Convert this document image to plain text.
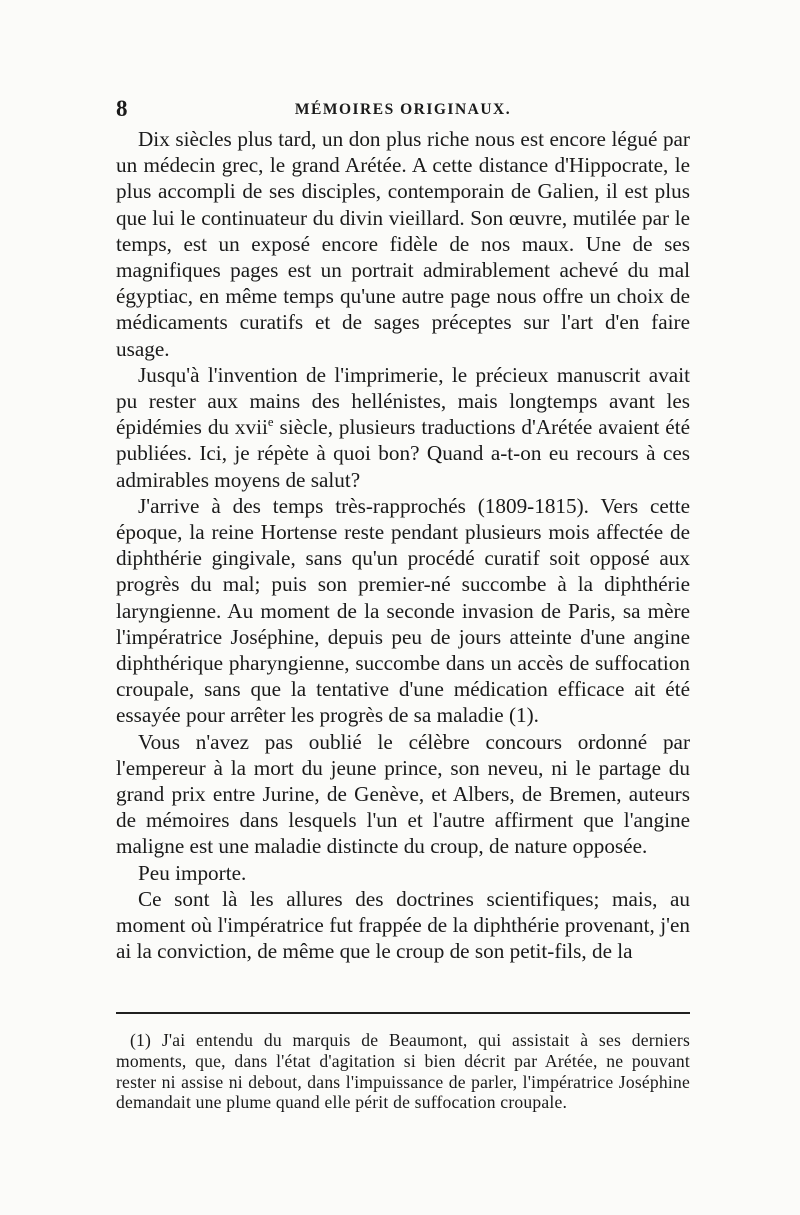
8	MÉMOIRES ORIGINAUX.

Dix siècles plus tard, un don plus riche nous est encore légué par un médecin grec, le grand Arétée. A cette distance d'Hippocrate, le plus accompli de ses disciples, contemporain de Galien, il est plus que lui le continuateur du divin vieillard. Son œuvre, mutilée par le temps, est un exposé encore fidèle de nos maux. Une de ses magnifiques pages est un portrait admirablement achevé du mal égyptiac, en même temps qu'une autre page nous offre un choix de médicaments curatifs et de sages préceptes sur l'art d'en faire usage.

Jusqu'à l'invention de l'imprimerie, le précieux manuscrit avait pu rester aux mains des hellénistes, mais longtemps avant les épidémies du xvii$^e$ siècle, plusieurs traductions d'Arétée avaient été publiées. Ici, je répète à quoi bon? Quand a-t-on eu recours à ces admirables moyens de salut?

J'arrive à des temps très-rapprochés (1809-1815). Vers cette époque, la reine Hortense reste pendant plusieurs mois affectée de diphthérie gingivale, sans qu'un procédé curatif soit opposé aux progrès du mal; puis son premier-né succombe à la diphthérie laryngienne. Au moment de la seconde invasion de Paris, sa mère l'impératrice Joséphine, depuis peu de jours atteinte d'une angine diphthérique pharyngienne, succombe dans un accès de suffocation croupale, sans que la tentative d'une médication efficace ait été essayée pour arrêter les progrès de sa maladie (1).

Vous n'avez pas oublié le célèbre concours ordonné par l'empereur à la mort du jeune prince, son neveu, ni le partage du grand prix entre Jurine, de Genève, et Albers, de Bremen, auteurs de mémoires dans lesquels l'un et l'autre affirment que l'angine maligne est une maladie distincte du croup, de nature opposée.

Peu importe.

Ce sont là les allures des doctrines scientifiques; mais, au moment où l'impératrice fut frappée de la diphthérie provenant, j'en ai la conviction, de même que le croup de son petit-fils, de la

(1) J'ai entendu du marquis de Beaumont, qui assistait à ses derniers moments, que, dans l'état d'agitation si bien décrit par Arétée, ne pouvant rester ni assise ni debout, dans l'impuissance de parler, l'impératrice Joséphine demandait une plume quand elle périt de suffocation croupale.
